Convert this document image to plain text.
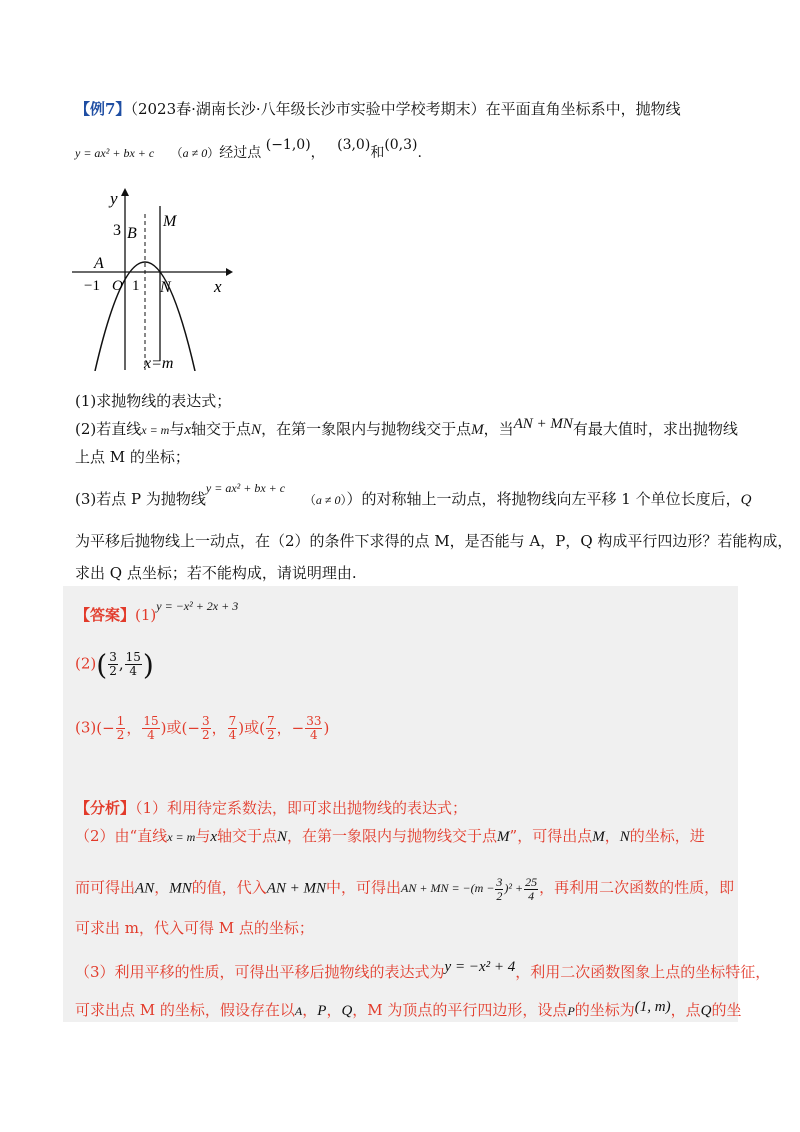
【例7】（2023春·湖南长沙·八年级长沙市实验中学校考期末）在平面直角坐标系中，抛物线
y = ax² + bx + c （a ≠ 0）经过点 (−1,0)， (3,0)和(0,3).
x
y
−1 O 1
3
A
B
M
N
x=m
(1)求抛物线的表达式；
(2)若直线x = m与x轴交于点N，在第一象限内与抛物线交于点M，当AN + MN有最大值时，求出抛物线
上点 M 的坐标；
(3)若点 P 为抛物线$^{y = ax^2 + bx + c}$ （a ≠ 0））的对称轴上一动点，将抛物线向左平移 1 个单位长度后，Q
为平移后抛物线上一动点，在（2）的条件下求得的点 M，是否能与 A，P，Q 构成平行四边形？若能构成，
求出 Q 点坐标；若不能构成，请说明理由.
【答案】$(1)^{y = -x^2 + 2x + 3}$
$(2)( \frac{3}{2}$ , $\frac{15}{4}$ )
$(3)(- \frac{1}{2}$ ， $\frac{15}{4}$ )或(− $\frac{3}{2}$ ， $\frac{7}{4}$ )或( $\frac{7}{2}$ ，− $\frac{33}{4}$ )
【分析】（1）利用待定系数法，即可求出抛物线的表达式；
（2）由“直线x = m与x轴交于点N，在第一象限内与抛物线交于点M”，可得出点M，N的坐标，进
而可得出AN，MN的值，代入AN + MN中，可得出AN + MN = $-(m - \frac{3}{2} )^2 + \frac{25}{4}$ ，再利用二次函数的性质，即
可求出 m，代入可得 M 点的坐标；
（3）利用平移的性质，可得出平移后抛物线的表达式为y = −x² + 4，利用二次函数图象上点的坐标特征，
可求出点 M 的坐标，假设存在以A，P，Q，M 为顶点的平行四边形，设点P的坐标为(1, m)，点Q的坐
